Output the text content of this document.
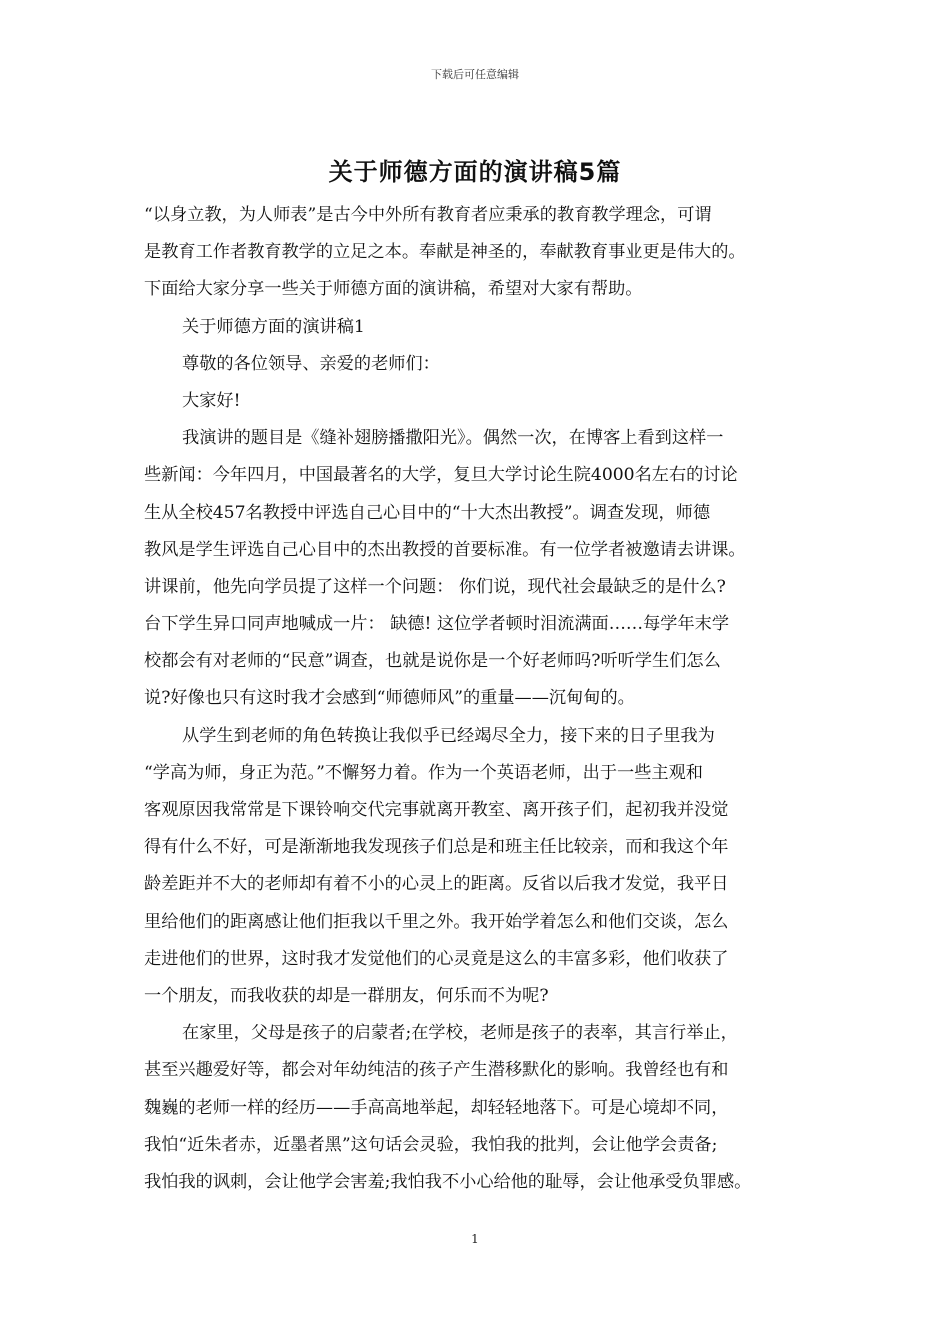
下载后可任意编辑
关于师德方面的演讲稿5篇
“以身立教，为人师表”是古今中外所有教育者应秉承的教育教学理念，可谓
是教育工作者教育教学的立足之本。奉献是神圣的，奉献教育事业更是伟大的。
下面给大家分享一些关于师德方面的演讲稿，希望对大家有帮助。
关于师德方面的演讲稿1
尊敬的各位领导、亲爱的老师们：
大家好!
我演讲的题目是《缝补翅膀播撒阳光》。偶然一次，在博客上看到这样一
些新闻：今年四月，中国最著名的大学，复旦大学讨论生院4000名左右的讨论
生从全校457名教授中评选自己心目中的“十大杰出教授”。调查发现，师德
教风是学生评选自己心目中的杰出教授的首要标准。有一位学者被邀请去讲课。
讲课前，他先向学员提了这样一个问题： 你们说，现代社会最缺乏的是什么?
台下学生异口同声地喊成一片： 缺德! 这位学者顿时泪流满面……每学年末学
校都会有对老师的“民意”调查，也就是说你是一个好老师吗?听听学生们怎么
说?好像也只有这时我才会感到“师德师风”的重量——沉甸甸的。
从学生到老师的角色转换让我似乎已经竭尽全力，接下来的日子里我为
“学高为师，身正为范。”不懈努力着。作为一个英语老师，出于一些主观和
客观原因我常常是下课铃响交代完事就离开教室、离开孩子们，起初我并没觉
得有什么不好，可是渐渐地我发现孩子们总是和班主任比较亲，而和我这个年
龄差距并不大的老师却有着不小的心灵上的距离。反省以后我才发觉，我平日
里给他们的距离感让他们拒我以千里之外。我开始学着怎么和他们交谈，怎么
走进他们的世界，这时我才发觉他们的心灵竟是这么的丰富多彩，他们收获了
一个朋友，而我收获的却是一群朋友，何乐而不为呢?
在家里，父母是孩子的启蒙者;在学校，老师是孩子的表率，其言行举止，
甚至兴趣爱好等，都会对年幼纯洁的孩子产生潜移默化的影响。我曾经也有和
魏巍的老师一样的经历——手高高地举起，却轻轻地落下。可是心境却不同，
我怕“近朱者赤，近墨者黑”这句话会灵验，我怕我的批判，会让他学会责备;
我怕我的讽刺，会让他学会害羞;我怕我不小心给他的耻辱，会让他承受负罪感。
1
